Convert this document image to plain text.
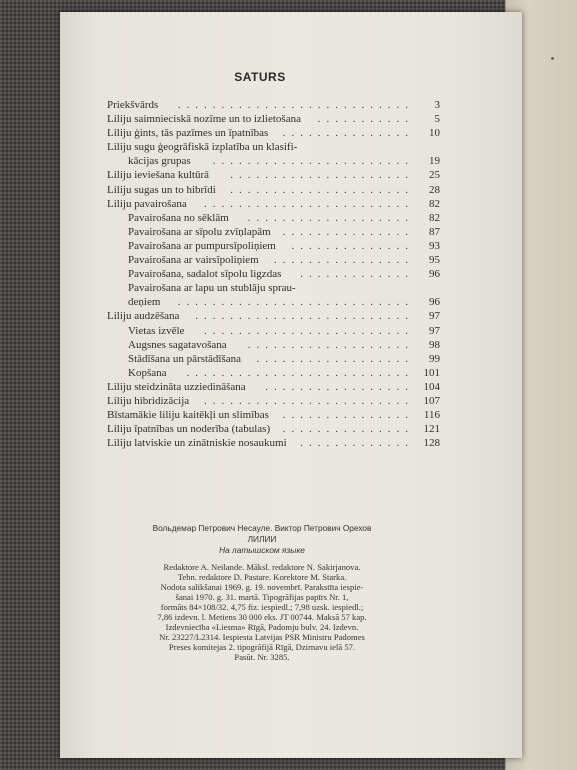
SATURS
Priekšvārds ...........................	3
Liliju saimnieciskā nozīme un to izlietošana ...........	5
Liliju ģints, tās pazīmes un īpatnības ...............	10
Liliju sugu ģeogrāfiskā izplatība un klasifi-
kācijas grupas .......................	19
Liliju ieviešana kultūrā .....................	25
Liliju sugas un to hibrīdi .....................	28
Liliju pavairošana ........................	82
Pavairošana no sēklām ...................	82
Pavairošana ar sīpolu zvīņlapām ...............	87
Pavairošana ar pumpursīpoliņiem ..............	93
Pavairošana ar vairsīpoliņiem ................	95
Pavairošana, sadalot sīpolu ligzdas .............	96
Pavairošana ar lapu un stublāju sprau-
deņiem ...........................	96
Liliju audzēšana .........................	97
Vietas izvēle ........................	97
Augsnes sagatavošana ...................	98
Stādīšana un pārstādīšana ..................	99
Kopšana .......................... 101
Liliju steidzināta uzziedināšana ................. 104
Liliju hibridizācija ........................ 107
Bīstamākie liliju kaitēkļi un slimības ............... 116
Liliju īpatnības un noderība (tabulas) ............... 121
Liliju latviskie un zinātniskie nosaukumi ............. 128
Вольдемар Петрович Несауле. Виктор Петрович Орехов
ЛИЛИИ
На латышском языке
Redaktore A. Neilande. Māksl. redaktore N. Sakirjanova.
Tehn. redaktore D. Pastare. Korektore M. Starka.
Nodota salikšanai 1969. g. 19. novembrī. Parakstīta iespie-
šanai 1970. g. 31. martā. Tipogrāfijas papīrs Nr. 1,
formāts 84×108/32. 4,75 fiz. iespiedl.; 7,98 uzsk. iespiedl.;
7,86 izdevn. l. Metiens 30 000 eks. JT 00744. Maksā 57 kap.
Izdevniecība «Liesma» Rīgā, Padomju bulv. 24. Izdevn.
Nr. 23227/L2314. Iespiesta Latvijas PSR Ministru Padomes
Preses komitejas 2. tipogrāfijā Rīgā, Dzirnavu ielā 57.
Pasūt. Nr. 3285.
